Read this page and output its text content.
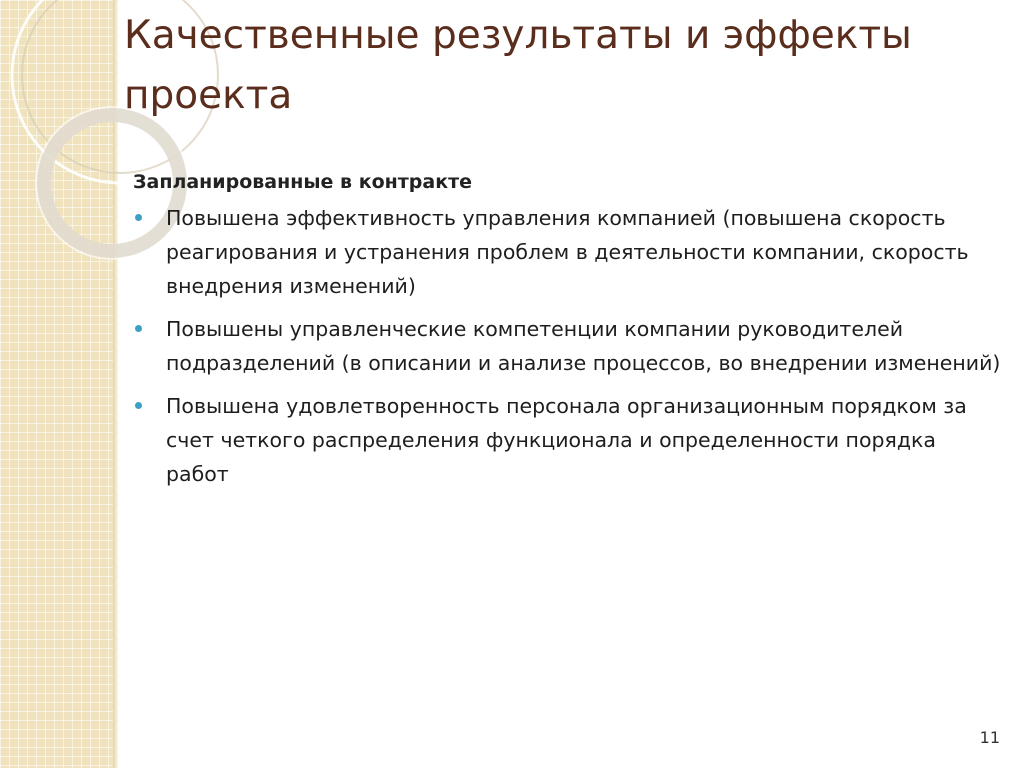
Качественные результаты и эффекты проекта
Запланированные в контракте
Повышена эффективность управления компанией (повышена скорость реагирования и устранения проблем в деятельности компании, скорость внедрения изменений)
Повышены управленческие компетенции компании руководителей подразделений (в описании и анализе процессов, во внедрении изменений)
Повышена удовлетворенность персонала организационным порядком за счет четкого распределения функционала и определенности порядка работ
11
